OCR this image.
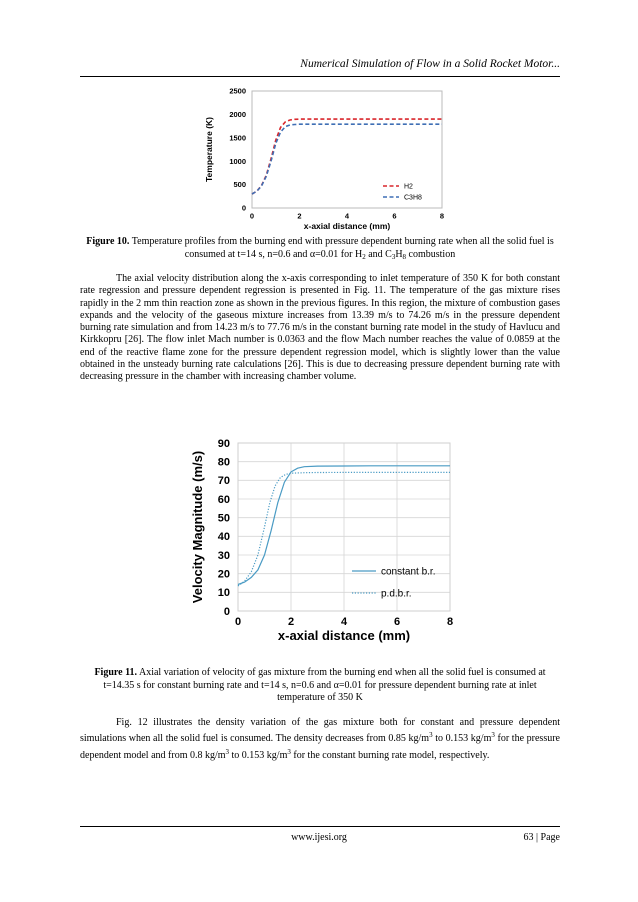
Numerical Simulation of Flow in a Solid Rocket Motor...
0
500
1000
1500
2000
2500
0	2	4	6	8
x-axial distance (mm)
Temperature (K)
H2
C3H8
Figure 10. Temperature profiles from the burning end with pressure dependent burning rate when all the solid fuel is consumed at t=14 s, n=0.6 and α=0.01 for $H_2$ and $C_3H_8$ combustion

The axial velocity distribution along the x-axis corresponding to inlet temperature of 350 K for both constant rate regression and pressure dependent regression is presented in Fig. 11. The temperature of the gas mixture rises rapidly in the 2 mm thin reaction zone as shown in the previous figures. In this region, the mixture of combustion gases expands and the velocity of the gaseous mixture increases from 13.39 m/s to 74.26 m/s in the pressure dependent burning rate simulation and from 14.23 m/s to 77.76 m/s in the constant burning rate model in the study of Havlucu and Kirkkopru [26]. The flow inlet Mach number is 0.0363 and the flow Mach number reaches the value of 0.0859 at the end of the reactive flame zone for the pressure dependent regression model, which is slightly lower than the value obtained in the unsteady burning rate calculations [26]. This is due to decreasing pressure dependent burning rate with decreasing pressure in the chamber with increasing chamber volume.

0
10
20
30
40
50
60
70
80
90
0	2	4	6	8
x-axial distance (mm)
Velocity Magnitude (m/s)	constant b.r.
p.d.b.r.
Figure 11. Axial variation of velocity of gas mixture from the burning end when all the solid fuel is consumed at t=14.35 s for constant burning rate and t=14 s, n=0.6 and α=0.01 for pressure dependent burning rate at inlet temperature of 350 K

Fig. 12 illustrates the density variation of the gas mixture both for constant and pressure dependent simulations when all the solid fuel is consumed. The density decreases from 0.85 $kg/m^3$ to 0.153 $kg/m^3$ for the pressure dependent model and from 0.8 $kg/m^3$ to 0.153 $kg/m^3$ for the constant burning rate model, respectively.

www.ijesi.org	63 | Page
